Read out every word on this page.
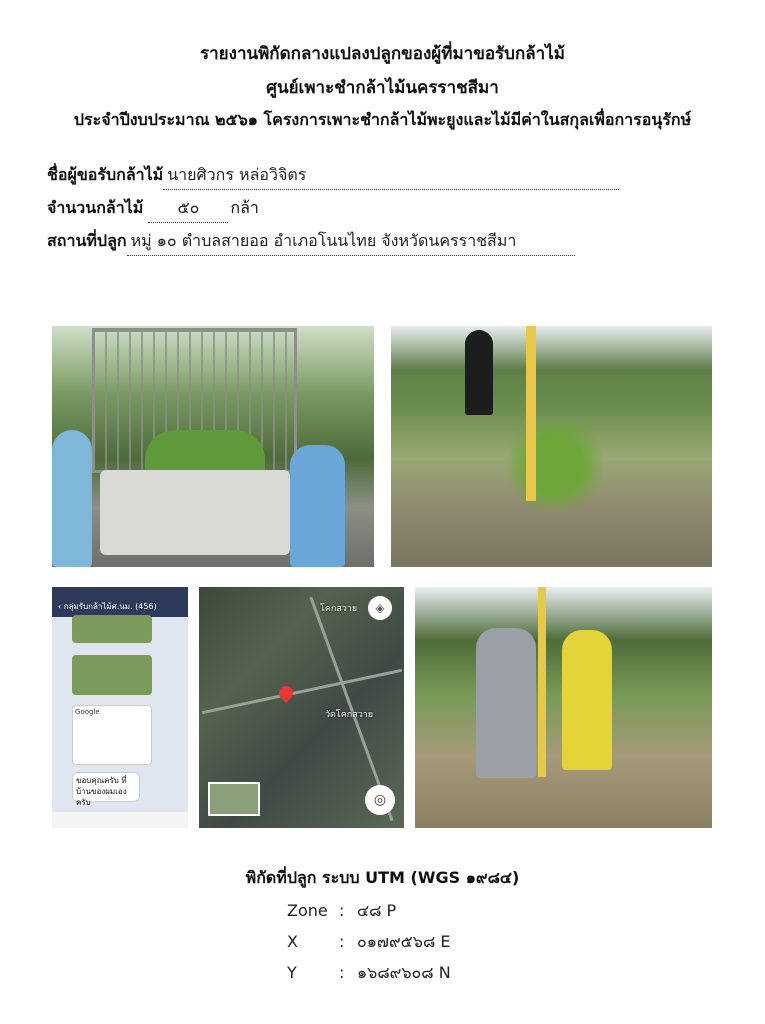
รายงานพิกัดกลางแปลงปลูกของผู้ที่มาขอรับกล้าไม้
ศูนย์เพาะชำกล้าไม้นครราชสีมา
ประจำปีงบประมาณ ๒๕๖๑ โครงการเพาะชำกล้าไม้พะยูงและไม้มีค่าในสกุลเพื่อการอนุรักษ์
ชื่อผู้ขอรับกล้าไม้ นายศิวกร หล่อวิจิตร
จำนวนกล้าไม้ ๕๐ กล้า
สถานที่ปลูก หมู่ ๑๐ ตำบลสายออ อำเภอโนนไทย จังหวัดนครราชสีมา
‹ กลุ่มรับกล้าไม้ศ.นม. (456)
Google
ขอบคุณครับ ที่บ้านของผมเองครับ
โคกสวาย
วัดโคกสวาย
◈
◎
พิกัดที่ปลูก ระบบ UTM (WGS ๑๙๘๔)
Zone : ๔๘ P
X	: ๐๑๗๙๕๖๘ E
Y	: ๑๖๘๙๖๐๘ N
